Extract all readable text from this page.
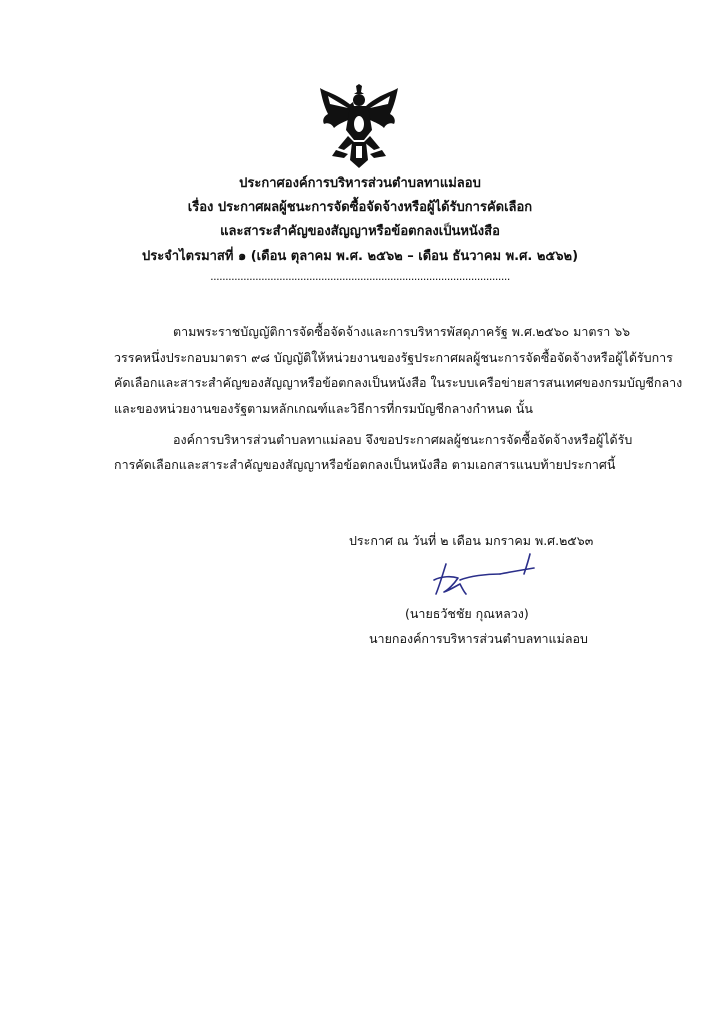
ประกาศองค์การบริหารส่วนตำบลทาแม่ลอบ
เรื่อง ประกาศผลผู้ชนะการจัดซื้อจัดจ้างหรือผู้ได้รับการคัดเลือก
และสาระสำคัญของสัญญาหรือข้อตกลงเป็นหนังสือ
ประจำไตรมาสที่ ๑ (เดือน ตุลาคม พ.ศ. ๒๕๖๒ – เดือน ธันวาคม พ.ศ. ๒๕๖๒)
....................................................................................................
ตามพระราชบัญญัติการจัดซื้อจัดจ้างและการบริหารพัสดุภาครัฐ พ.ศ.๒๕๖๐ มาตรา ๖๖
วรรคหนึ่งประกอบมาตรา ๙๘ บัญญัติให้หน่วยงานของรัฐประกาศผลผู้ชนะการจัดซื้อจัดจ้างหรือผู้ได้รับการ
คัดเลือกและสาระสำคัญของสัญญาหรือข้อตกลงเป็นหนังสือ ในระบบเครือข่ายสารสนเทศของกรมบัญชีกลาง
และของหน่วยงานของรัฐตามหลักเกณฑ์และวิธีการที่กรมบัญชีกลางกำหนด นั้น
องค์การบริหารส่วนตำบลทาแม่ลอบ จึงขอประกาศผลผู้ชนะการจัดซื้อจัดจ้างหรือผู้ได้รับ
การคัดเลือกและสาระสำคัญของสัญญาหรือข้อตกลงเป็นหนังสือ ตามเอกสารแนบท้ายประกาศนี้
ประกาศ ณ วันที่ ๒ เดือน มกราคม พ.ศ.๒๕๖๓
(นายธวัชชัย กุณหลวง)
นายกองค์การบริหารส่วนตำบลทาแม่ลอบ
